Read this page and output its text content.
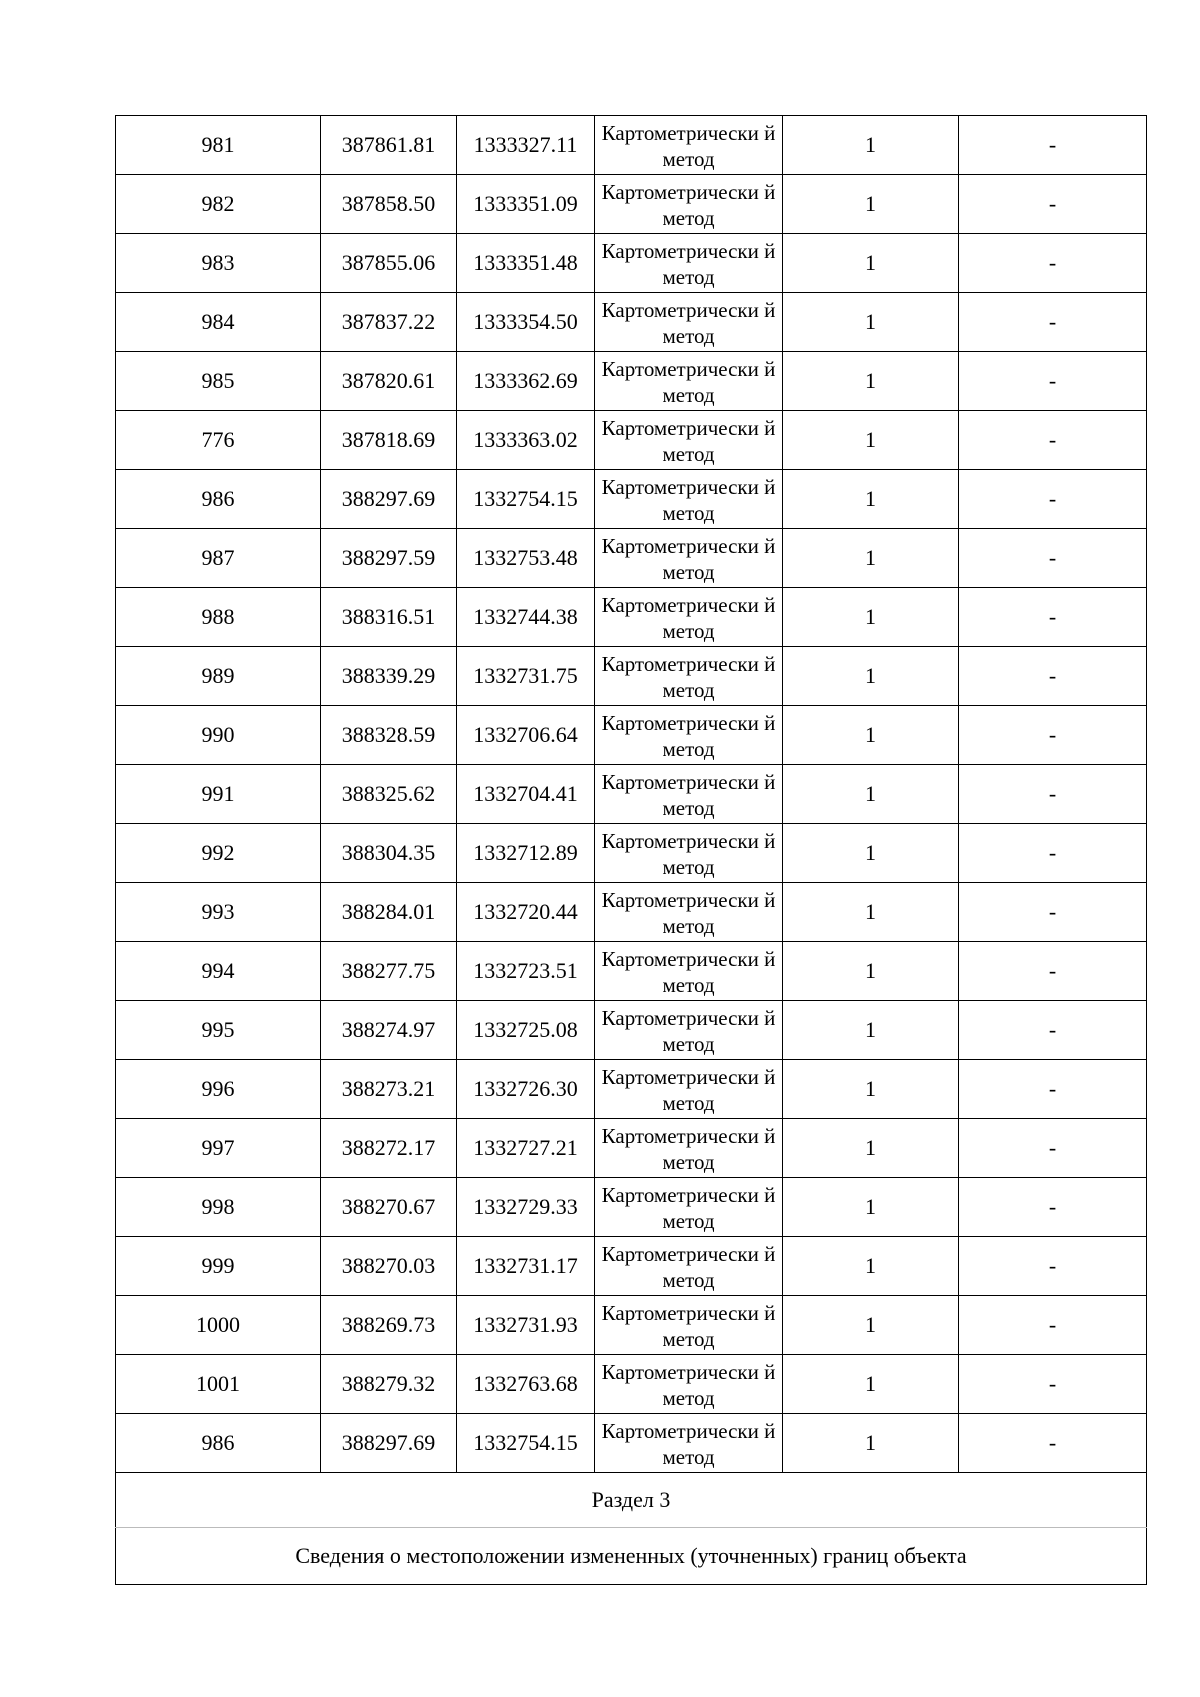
981	387861.81	1333327.11	Картометрически й метод	1	-
982	387858.50	1333351.09	Картометрически й метод	1	-
983	387855.06	1333351.48	Картометрически й метод	1	-
984	387837.22	1333354.50	Картометрически й метод	1	-
985	387820.61	1333362.69	Картометрически й метод	1	-
776	387818.69	1333363.02	Картометрически й метод	1	-
986	388297.69	1332754.15	Картометрически й метод	1	-
987	388297.59	1332753.48	Картометрически й метод	1	-
988	388316.51	1332744.38	Картометрически й метод	1	-
989	388339.29	1332731.75	Картометрически й метод	1	-
990	388328.59	1332706.64	Картометрически й метод	1	-
991	388325.62	1332704.41	Картометрически й метод	1	-
992	388304.35	1332712.89	Картометрически й метод	1	-
993	388284.01	1332720.44	Картометрически й метод	1	-
994	388277.75	1332723.51	Картометрически й метод	1	-
995	388274.97	1332725.08	Картометрически й метод	1	-
996	388273.21	1332726.30	Картометрически й метод	1	-
997	388272.17	1332727.21	Картометрически й метод	1	-
998	388270.67	1332729.33	Картометрически й метод	1	-
999	388270.03	1332731.17	Картометрически й метод	1	-
1000	388269.73	1332731.93	Картометрически й метод	1	-
1001	388279.32	1332763.68	Картометрически й метод	1	-
986	388297.69	1332754.15	Картометрически й метод	1	-
Раздел 3					
Сведения о местоположении измененных (уточненных) границ объекта					
